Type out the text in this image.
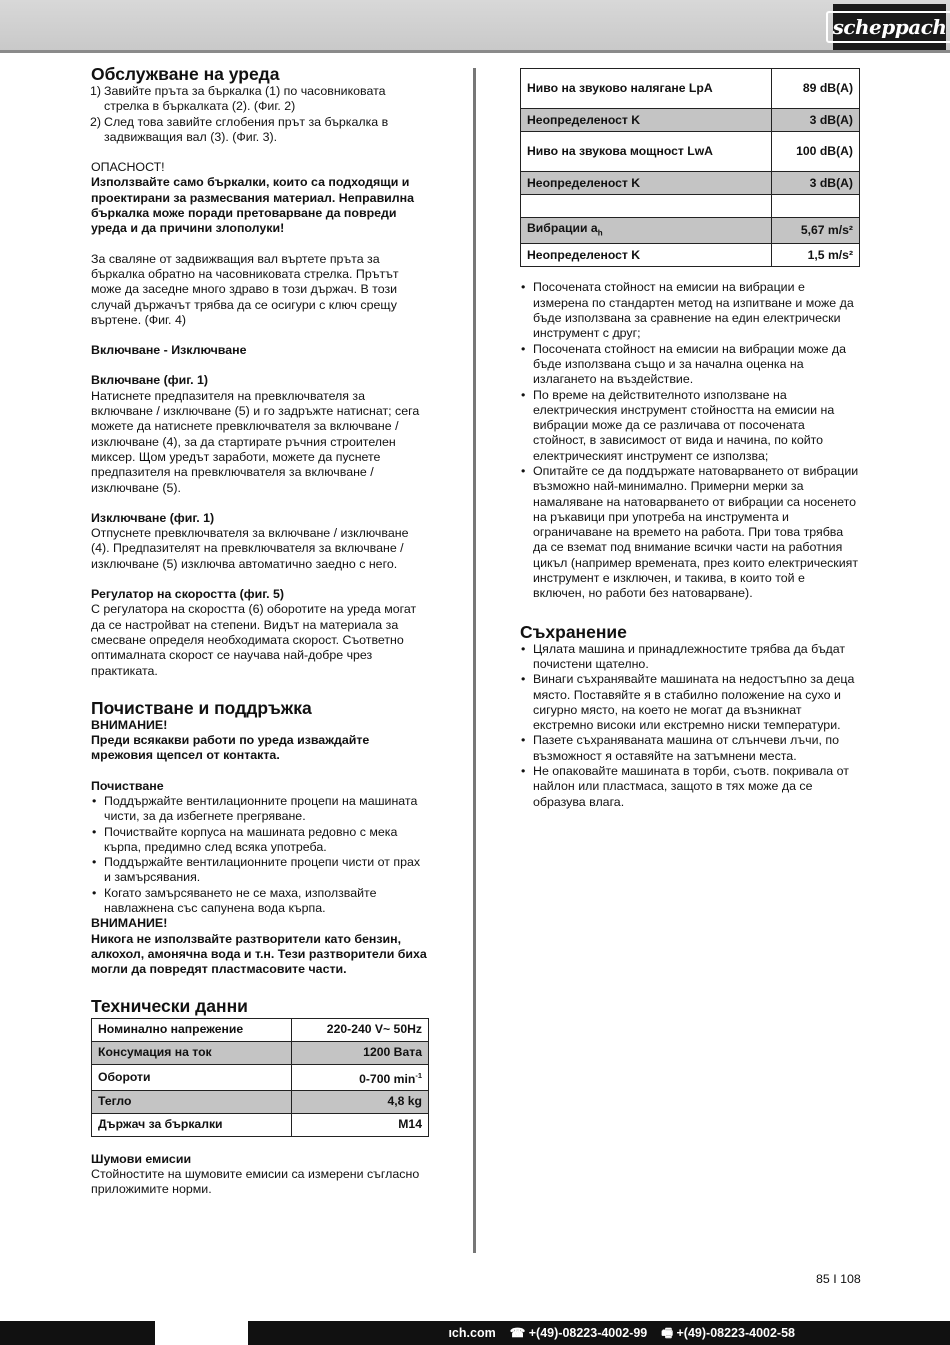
scheppach
Обслужване на уреда
1) Завийте пръта за бъркалка (1) по часовниковата стрелка в бъркалката (2). (Фиг. 2)
2) След това завийте сглобения прът за бъркалка в задвижващия вал (3). (Фиг. 3).

ОПАСНОСТ!

Използвайте само бъркалки, които са подходящи и проектирани за размесвания материал. Неправилна бъркалка може поради претоварване да повреди уреда и да причини злополуки!

За сваляне от задвижващия вал въртете пръта за бъркалка обратно на часовниковата стрелка. Прътът може да заседне много здраво в този държач. В този случай държачът трябва да се осигури с ключ срещу въртене. (Фиг. 4)

Включване - Изключване

Включване (фиг. 1)

Натиснете предпазителя на превключвателя за включване / изключване (5) и го задръжте натиснат; сега можете да натиснете превключвателя за включване / изключване (4), за да стартирате ръчния строителен миксер. Щом уредът заработи, можете да пуснете предпазителя на превключвателя за включване / изключване (5).

Изключване (фиг. 1)

Отпуснете превключвателя за включване / изключване (4). Предпазителят на превключвателя за включване / изключване (5) изключва автоматично заедно с него.

Регулатор на скоростта (фиг. 5)

С регулатора на скоростта (6) оборотите на уреда могат да се настройват на степени. Видът на материала за смесване определя необходимата скорост. Съответно оптималната скорост се научава най-добре чрез практиката.

Почистване и поддръжка

ВНИМАНИЕ!

Преди всякакви работи по уреда изваждайте мрежовия щепсел от контакта.

Почистване

• Поддържайте вентилационните процепи на машината чисти, за да избегнете прегряване.
• Почиствайте корпуса на машината редовно с мека кърпа, предимно след всяка употреба.
• Поддържайте вентилационните процепи чисти от прах и замърсявания.
• Когато замърсяването не се маха, използвайте навлажнена със сапунена вода кърпа.

ВНИМАНИЕ!

Никога не използвайте разтворители като бензин, алкохол, амонячна вода и т.н. Тези разтворители биха могли да повредят пластмасовите части.

Технически данни
Номинално напрежение	220-240 V~ 50Hz
Консумация на ток	1200 Вата
Обороти	0-700 $\min^{-1}$
Тегло	4,8 kg
Държач за бъркалки	M14

Шумови емисии

Стойностите на шумовите емисии са измерени съгласно приложимите норми.

Ниво на звуково налягане LpA	89 dB(A)
Неопределеност K	3 dB(A)
Ниво на звукова мощност LwA	100 dB(A)
Неопределеност K	3 dB(A)

Вибрации $a_h$	5,67 m/s²
Неопределеност K	1,5 m/s²
• Посочената стойност на емисии на вибрации е измерена по стандартен метод на изпитване и може да бъде използвана за сравнение на един електрически инструмент с друг;
• Посочената стойност на емисии на вибрации може да бъде използвана също и за начална оценка на излагането на въздействие.
• По време на действителното използване на електрическия инструмент стойността на емисии на вибрации може да се различава от посочената стойност, в зависимост от вида и начина, по който електрическият инструмент се използва;
• Опитайте се да поддържате натоварването от вибрации възможно най-минимално. Примерни мерки за намаляване на натоварването от вибрации са носенето на ръкавици при употреба на инструмента и ограничаване на времето на работа. При това трябва да се вземат под внимание всички части на работния цикъл (например времената, през които електрическият инструмент е изключен, и такива, в които той е включен, но работи без натоварване).
Съхранение
• Цялата машина и принадлежностите трябва да бъдат почистени щателно.
• Винаги съхранявайте машината на недостъпно за деца място. Поставяйте я в стабилно положение на сухо и сигурно място, на което не могат да възникнат екстремно високи или екстремно ниски температури.
• Пазете съхраняваната машина от слънчеви лъчи, по възможност я оставяйте на затъмнени места.
• Не опаковайте машината в торби, съотв. покривала от найлон или пластмаса, защото в тях може да се образува влага.
85 I 108
ıch.com ☎ +(49)-08223-4002-99 🖷 +(49)-08223-4002-58
